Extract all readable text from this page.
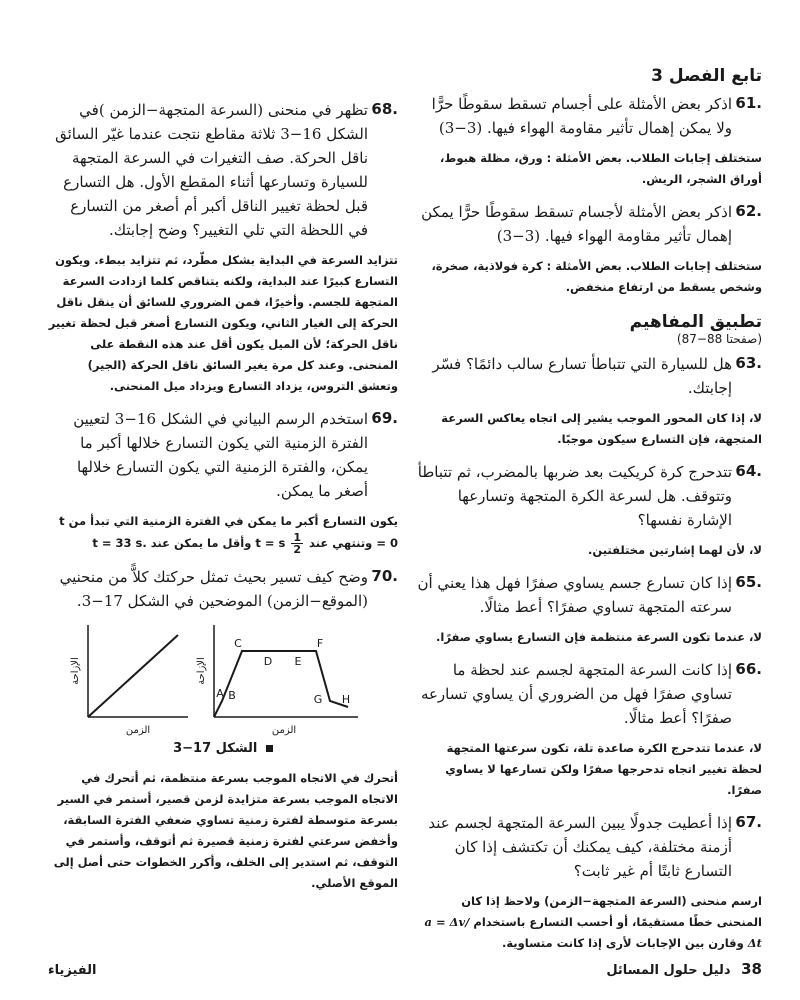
تابع الفصل 3
.61
اذكر بعض الأمثلة على أجسام تسقط سقوطًا حرًّا ولا يمكن إهمال تأثير مقاومة الهواء فيها. (3−3)
ستختلف إجابات الطلاب. بعض الأمثلة : ورق، مظلة هبوط، أوراق الشجر، الريش.
.62
اذكر بعض الأمثلة لأجسام تسقط سقوطًا حرًّا يمكن إهمال تأثير مقاومة الهواء فيها. (3−3)
ستختلف إجابات الطلاب. بعض الأمثلة : كرة فولاذية، صخرة، وشخص يسقط من ارتفاع منخفض.
تطبيق المفاهيم
(صفحتا 88−87)
.63
هل للسيارة التي تتباطأ تسارع سالب دائمًا؟ فسّر إجابتك.
لا، إذا كان المحور الموجب يشير إلى اتجاه يعاكس السرعة المتجهة، فإن التسارع سيكون موجبًا.
.64
تتدحرج كرة كريكيت بعد ضربها بالمضرب، ثم تتباطأ وتتوقف. هل لسرعة الكرة المتجهة وتسارعها الإشارة نفسها؟
لا، لأن لهما إشارتين مختلفتين.
.65
إذا كان تسارع جسم يساوي صفرًا فهل هذا يعني أن سرعته المتجهة تساوي صفرًا؟ أعط مثالًا.
لا، عندما تكون السرعة منتظمة فإن التسارع يساوي صفرًا.
.66
إذا كانت السرعة المتجهة لجسم عند لحظة ما تساوي صفرًا فهل من الضروري أن يساوي تسارعه صفرًا؟ أعط مثالًا.
لا، عندما تتدحرج الكرة صاعدة تلة، تكون سرعتها المتجهة لحظة تغيير اتجاه تدحرجها صفرًا ولكن تسارعها لا يساوي صفرًا.
.67
إذا أعطيت جدولًا يبين السرعة المتجهة لجسم عند أزمنة مختلفة، كيف يمكنك أن تكتشف إذا كان التسارع ثابتًا أم غير ثابت؟
ارسم منحنى (السرعة المتجهة−الزمن) ولاحظ إذا كان المنحنى خطًا مستقيمًا، أو أحسب التسارع باستخدام a = Δv/Δt وقارن بين الإجابات لأرى إذا كانت متساوية.
.68
تظهر في منحنى (السرعة المتجهة−الزمن )في الشكل 16−3 ثلاثة مقاطع نتجت عندما غيّر السائق ناقل الحركة. صف التغيرات في السرعة المتجهة للسيارة وتسارعها أثناء المقطع الأول. هل التسارع قبل لحظة تغيير الناقل أكبر أم أصغر من التسارع في اللحظة التي تلي التغيير؟ وضح إجابتك.
تتزايد السرعة في البداية بشكل مطّرد، ثم تتزايد ببطء. ويكون التسارع كبيرًا عند البداية، ولكنه يتناقص كلما ازدادت السرعة المتجهة للجسم. وأخيرًا، فمن الضروري للسائق أن ينقل ناقل الحركة إلى الغيار الثاني، ويكون التسارع أصغر قبل لحظة تغيير ناقل الحركة؛ لأن الميل يكون أقل عند هذه النقطة على المنحنى. وعند كل مرة يغير السائق ناقل الحركة (الجير) وتعشق التروس، يزداد التسارع ويزداد ميل المنحنى.
.69
استخدم الرسم البياني في الشكل 16−3 لتعيين الفترة الزمنية التي يكون التسارع خلالها أكبر ما يمكن، والفترة الزمنية التي يكون التسارع خلالها أصغر ما يمكن.
يكون التسارع أكبر ما يمكن في الفترة الزمنية التي تبدأ من t = 0 وتنتهي عند
$\frac{1}{2}$
t = s وأقل ما يمكن عند t = 33 s.
.70
وضح كيف تسير بحيث تمثل حركتك كلاًّ من منحنيي (الموقع−الزمن) الموضحين في الشكل 17−3.
A B
C
D E
F
G H
الزمن
الإزاحة
الزمن
الإزاحة
الشكل 17−3
أتحرك في الاتجاه الموجب بسرعة منتظمة، ثم أتحرك في الاتجاه الموجب بسرعة متزايدة لزمن قصير، أستمر في السير بسرعة متوسطة لفترة زمنية تساوي ضعفي الفترة السابقة، وأخفض سرعتي لفترة زمنية قصيرة ثم أتوقف، وأستمر في التوقف، ثم استدير إلى الخلف، وأكرر الخطوات حتى أصل إلى الموقع الأصلي.
38 دليل حلول المسائل
الفيزياء
